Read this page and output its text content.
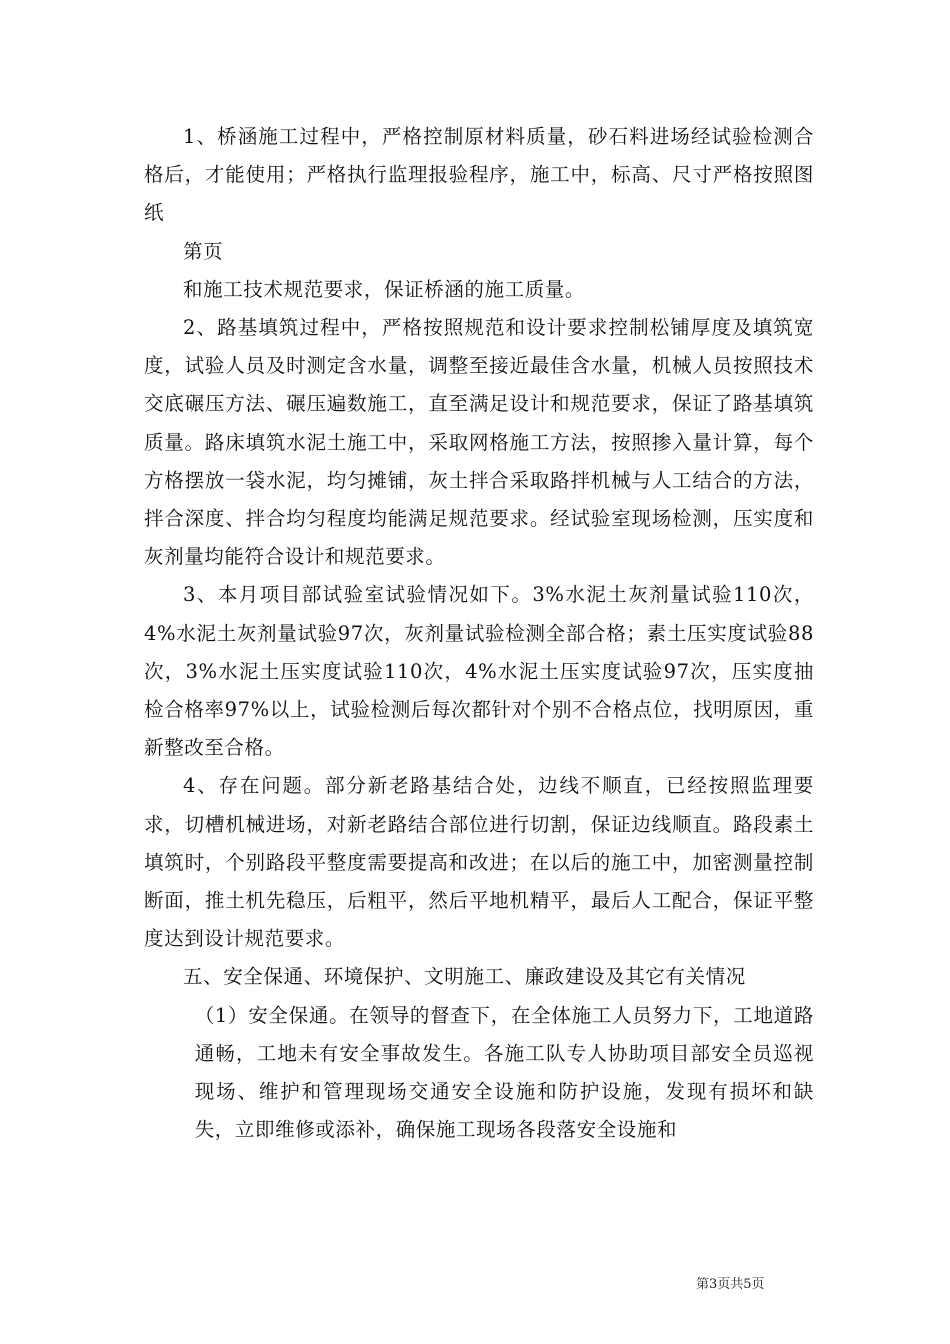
1、桥涵施工过程中，严格控制原材料质量，砂石料进场经试验检测合格后，才能使用；严格执行监理报验程序，施工中，标高、尺寸严格按照图纸

第页

和施工技术规范要求，保证桥涵的施工质量。

2、路基填筑过程中，严格按照规范和设计要求控制松铺厚度及填筑宽度，试验人员及时测定含水量，调整至接近最佳含水量，机械人员按照技术交底碾压方法、碾压遍数施工，直至满足设计和规范要求，保证了路基填筑质量。路床填筑水泥土施工中，采取网格施工方法，按照掺入量计算，每个方格摆放一袋水泥，均匀摊铺，灰土拌合采取路拌机械与人工结合的方法，拌合深度、拌合均匀程度均能满足规范要求。经试验室现场检测，压实度和灰剂量均能符合设计和规范要求。

3、本月项目部试验室试验情况如下。3%水泥土灰剂量试验110次，4%水泥土灰剂量试验97次，灰剂量试验检测全部合格；素土压实度试验88次，3%水泥土压实度试验110次，4%水泥土压实度试验97次，压实度抽检合格率97%以上，试验检测后每次都针对个别不合格点位，找明原因，重新整改至合格。

4、存在问题。部分新老路基结合处，边线不顺直，已经按照监理要求，切槽机械进场，对新老路结合部位进行切割，保证边线顺直。路段素土填筑时，个别路段平整度需要提高和改进；在以后的施工中，加密测量控制断面，推土机先稳压，后粗平，然后平地机精平，最后人工配合，保证平整度达到设计规范要求。

五、安全保通、环境保护、文明施工、廉政建设及其它有关情况

（1）安全保通。在领导的督查下，在全体施工人员努力下，工地道路通畅，工地未有安全事故发生。各施工队专人协助项目部安全员巡视现场、维护和管理现场交通安全设施和防护设施，发现有损坏和缺失，立即维修或添补，确保施工现场各段落安全设施和

第3页共5页
